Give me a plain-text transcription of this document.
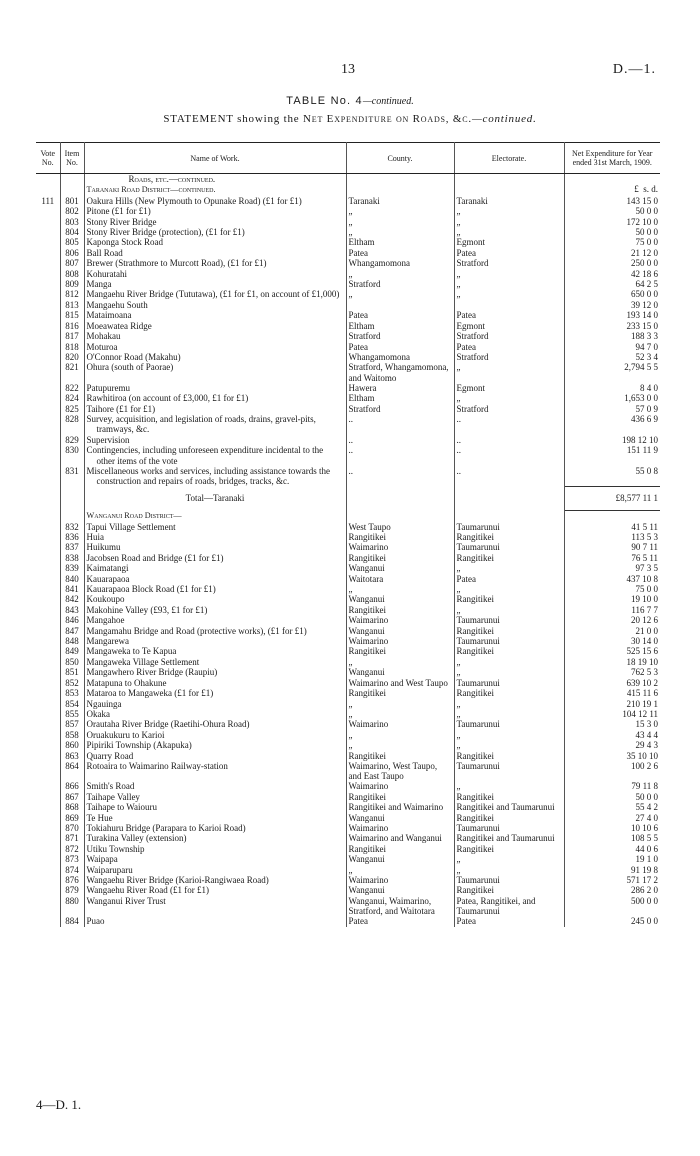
13	D.—1.
TABLE No. 4—continued.
STATEMENT showing the Net Expenditure on Roads, &c.—continued.
Vote No.	Item No.	Name of Work.	County.	Electorate.	Net Expenditure for Year ended 31st March, 1909.
		Roads, etc.—continued.			
		Taranaki Road District—continued.			£ s. d.
111	801	Oakura Hills (New Plymouth to Opunake Road) (£1 for £1)	Taranaki	Taranaki	143 15 0
	802	Pitone (£1 for £1)	„	„	50 0 0
	803	Stony River Bridge	„	„	172 10 0
	804	Stony River Bridge (protection), (£1 for £1)	„	„	50 0 0
	805	Kaponga Stock Road	Eltham	Egmont	75 0 0
	806	Ball Road	Patea	Patea	21 12 0
	807	Brewer (Strathmore to Murcott Road), (£1 for £1)	Whangamomona	Stratford	250 0 0
	808	Kohuratahi	„	„	42 18 6
	809	Manga	Stratford	„	64 2 5
	812	Mangaehu River Bridge (Tututawa), (£1 for £1, on account of £1,000)	„	„	650 0 0
	813	Mangaehu South			39 12 0
	815	Mataimoana	Patea	Patea	193 14 0
	816	Moeawatea Ridge	Eltham	Egmont	233 15 0
	817	Mohakau	Stratford	Stratford	188 3 3
	818	Moturoa	Patea	Patea	94 7 0
	820	O'Connor Road (Makahu)	Whangamomona	Stratford	52 3 4
	821	Ohura (south of Paorae)	Stratford, Whangamomona, and Waitomo	„	2,794 5 5
	822	Patupuremu	Hawera	Egmont	8 4 0
	824	Rawhitiroa (on account of £3,000, £1 for £1)	Eltham	„	1,653 0 0
	825	Taihore (£1 for £1)	Stratford	Stratford	57 0 9
	828	Survey, acquisition, and legislation of roads, drains, gravel-pits, tramways, &c.	..	..	436 6 9
	829	Supervision	..	..	198 12 10
	830	Contingencies, including unforeseen expenditure incidental to the other items of the vote	..	..	151 11 9
	831	Miscellaneous works and services, including assistance towards the construction and repairs of roads, bridges, tracks, &c.	..	..	55 0 8
		Total—Taranaki			£8,577 11 1
		Wanganui Road District—			
	832	Tapui Village Settlement	West Taupo	Taumarunui	41 5 11
	836	Huia	Rangitikei	Rangitikei	113 5 3
	837	Huikumu	Waimarino	Taumarunui	90 7 11
	838	Jacobsen Road and Bridge (£1 for £1)	Rangitikei	Rangitikei	76 5 11
	839	Kaimatangi	Wanganui	„	97 3 5
	840	Kauarapaoa	Waitotara	Patea	437 10 8
	841	Kauarapaoa Block Road (£1 for £1)	„	„	75 0 0
	842	Koukoupo	Wanganui	Rangitikei	19 10 0
	843	Makohine Valley (£93, £1 for £1)	Rangitikei	„	116 7 7
	846	Mangahoe	Waimarino	Taumarunui	20 12 6
	847	Mangamahu Bridge and Road (protective works), (£1 for £1)	Wanganui	Rangitikei	21 0 0
	848	Mangarewa	Waimarino	Taumarunui	30 14 0
	849	Mangaweka to Te Kapua	Rangitikei	Rangitikei	525 15 6
	850	Mangaweka Village Settlement	„	„	18 19 10
	851	Mangawhero River Bridge (Raupiu)	Wanganui	„	762 5 3
	852	Matapuna to Ohakune	Waimarino and West Taupo	Taumarunui	639 10 2
	853	Mataroa to Mangaweka (£1 for £1)	Rangitikei	Rangitikei	415 11 6
	854	Ngauinga	„	„	210 19 1
	855	Okaka	„	„	104 12 11
	857	Orautaha River Bridge (Raetihi-Ohura Road)	Waimarino	Taumarunui	15 3 0
	858	Oruakukuru to Karioi	„	„	43 4 4
	860	Pipiriki Township (Akapuka)	„	„	29 4 3
	863	Quarry Road	Rangitikei	Rangitikei	35 10 10
	864	Rotoaira to Waimarino Railway-station	Waimarino, West Taupo, and East Taupo	Taumarunui	100 2 6
	866	Smith's Road	Waimarino	„	79 11 8
	867	Taihape Valley	Rangitikei	Rangitikei	50 0 0
	868	Taihape to Waiouru	Rangitikei and Waimarino	Rangitikei and Taumarunui	55 4 2
	869	Te Hue	Wanganui	Rangitikei	27 4 0
	870	Tokiahuru Bridge (Parapara to Karioi Road)	Waimarino	Taumarunui	10 10 6
	871	Turakina Valley (extension)	Waimarino and Wanganui	Rangitikei and Taumarunui	108 5 5
	872	Utiku Township	Rangitikei	Rangitikei	44 0 6
	873	Waipapa	Wanganui	„	19 1 0
	874	Waiparuparu	„	„	91 19 8
	876	Wangaehu River Bridge (Karioi-Rangiwaea Road)	Waimarino	Taumarunui	571 17 2
	879	Wangaehu River Road (£1 for £1)	Wanganui	Rangitikei	286 2 0
	880	Wanganui River Trust	Wanganui, Waimarino, Stratford, and Waitotara	Patea, Rangitikei, and Taumarunui	500 0 0
	884	Puao	Patea	Patea	245 0 0
4—D. 1.
